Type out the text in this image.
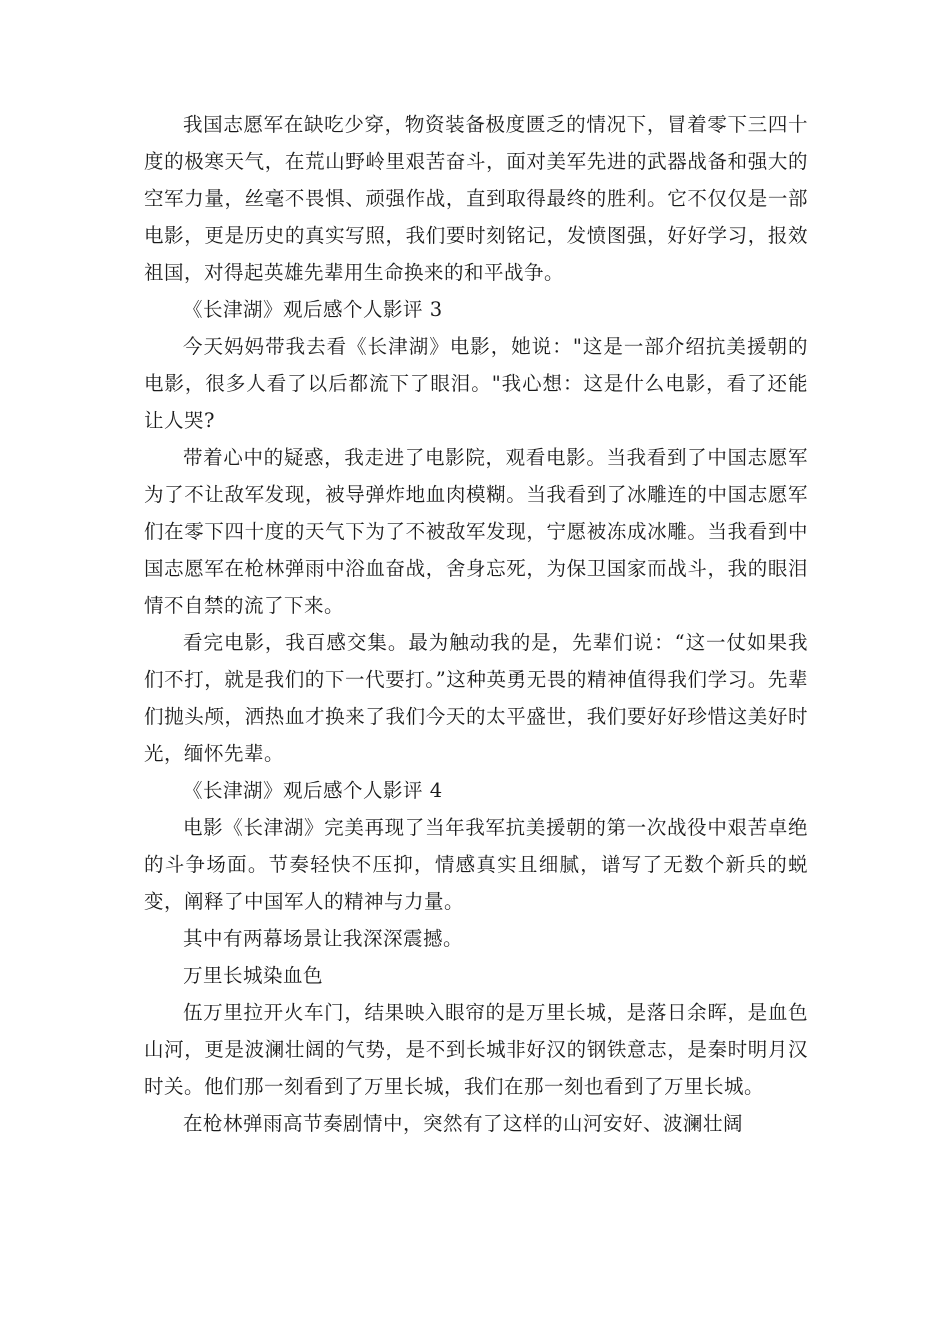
我国志愿军在缺吃少穿，物资装备极度匮乏的情况下，冒着零下三四十度的极寒天气，在荒山野岭里艰苦奋斗，面对美军先进的武器战备和强大的空军力量，丝毫不畏惧、顽强作战，直到取得最终的胜利。它不仅仅是一部电影，更是历史的真实写照，我们要时刻铭记，发愤图强，好好学习，报效祖国，对得起英雄先辈用生命换来的和平战争。

《长津湖》观后感个人影评 3

今天妈妈带我去看《长津湖》电影，她说："这是一部介绍抗美援朝的电影，很多人看了以后都流下了眼泪。"我心想：这是什么电影，看了还能让人哭?

带着心中的疑惑，我走进了电影院，观看电影。当我看到了中国志愿军为了不让敌军发现，被导弹炸地血肉模糊。当我看到了冰雕连的中国志愿军们在零下四十度的天气下为了不被敌军发现，宁愿被冻成冰雕。当我看到中国志愿军在枪林弹雨中浴血奋战，舍身忘死，为保卫国家而战斗，我的眼泪情不自禁的流了下来。

看完电影，我百感交集。最为触动我的是，先辈们说：“这一仗如果我们不打，就是我们的下一代要打。”这种英勇无畏的精神值得我们学习。先辈们抛头颅，洒热血才换来了我们今天的太平盛世，我们要好好珍惜这美好时光，缅怀先辈。

《长津湖》观后感个人影评 4

电影《长津湖》完美再现了当年我军抗美援朝的第一次战役中艰苦卓绝的斗争场面。节奏轻快不压抑，情感真实且细腻，谱写了无数个新兵的蜕变，阐释了中国军人的精神与力量。

其中有两幕场景让我深深震撼。

万里长城染血色

伍万里拉开火车门，结果映入眼帘的是万里长城，是落日余晖，是血色山河，更是波澜壮阔的气势，是不到长城非好汉的钢铁意志，是秦时明月汉时关。他们那一刻看到了万里长城，我们在那一刻也看到了万里长城。

在枪林弹雨高节奏剧情中，突然有了这样的山河安好、波澜壮阔
